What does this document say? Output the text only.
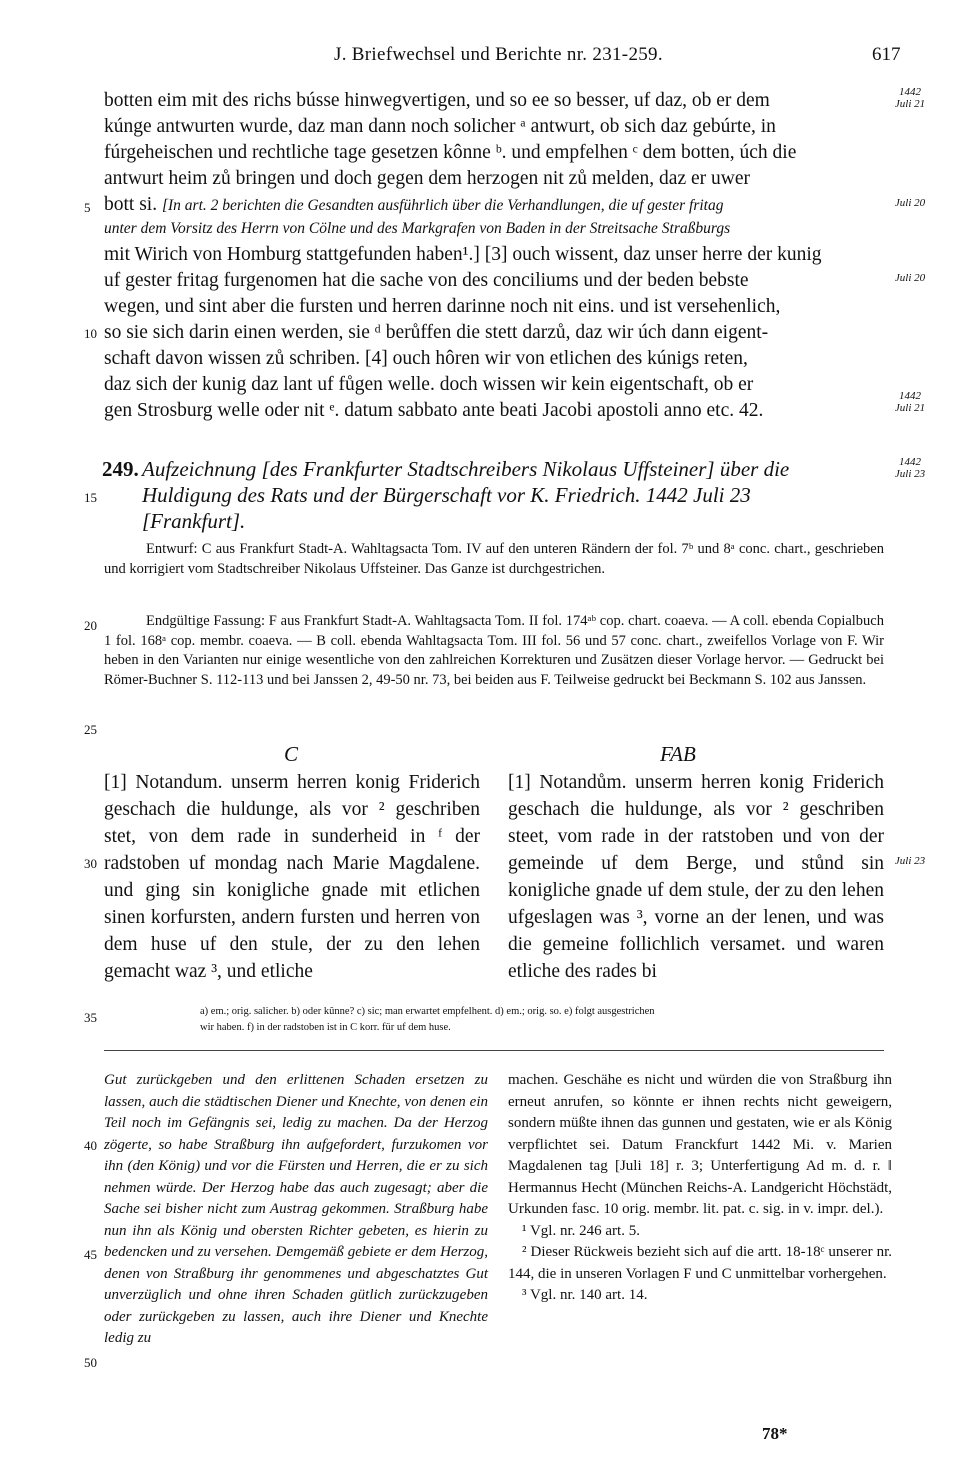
J. Briefwechsel und Berichte nr. 231-259.	617
botten eim mit des richs bússe hinwegvertigen, und so ee so besser, uf daz, ob er dem
kúnge antwurten wurde, daz man dann noch solicher ᵃ antwurt, ob sich daz gebúrte, in
fúrgeheischen und rechtliche tage gesetzen kônne ᵇ. und empfelhen ᶜ dem botten, úch die
antwurt heim zů bringen und doch gegen dem herzogen nit zů melden, daz er uwer
bott si. [In art. 2 berichten die Gesandten ausführlich über die Verhandlungen, die uf gester fritag
unter dem Vorsitz des Herrn von Cölne und des Markgrafen von Baden in der Streitsache Straßburgs
mit Wirich von Homburg stattgefunden haben¹.] [3] ouch wissent, daz unser herre der kunig
uf gester fritag furgenomen hat die sache von des conciliums und der beden bebste
wegen, und sint aber die fursten und herren darinne noch nit eins. und ist versehenlich,
so sie sich darin einen werden, sie ᵈ berůffen die stett darzů, daz wir úch dann eigent-
schaft davon wissen zů schriben. [4] ouch hôren wir von etlichen des kúnigs reten,
daz sich der kunig daz lant uf fůgen welle. doch wissen wir kein eigentschaft, ob er
gen Strosburg welle oder nit ᵉ. datum sabbato ante beati Jacobi apostoli anno etc. 42.
1442
Juli 21
Juli 20
Juli 20
1442
Juli 21
1442
Juli 23
Juli 23
5
10
15
20
25
30
35
40
45
50
249. Aufzeichnung [des Frankfurter Stadtschreibers Nikolaus Uffsteiner] über die
Huldigung des Rats und der Bürgerschaft vor K. Friedrich. 1442 Juli 23
[Frankfurt].
Entwurf: C aus Frankfurt Stadt-A. Wahltagsacta Tom. IV auf den unteren Rändern der fol. 7ᵇ und 8ᵃ conc. chart., geschrieben und korrigiert vom Stadtschreiber Nikolaus Uffsteiner. Das Ganze ist durchgestrichen.
Endgültige Fassung: F aus Frankfurt Stadt-A. Wahltagsacta Tom. II fol. 174ᵃᵇ cop. chart. coaeva. — A coll. ebenda Copialbuch 1 fol. 168ᵃ cop. membr. coaeva. — B coll. ebenda Wahltagsacta Tom. III fol. 56 und 57 conc. chart., zweifellos Vorlage von F. Wir heben in den Varianten nur einige wesentliche von den zahlreichen Korrekturen und Zusätzen dieser Vorlage hervor. — Gedruckt bei Römer-Buchner S. 112-113 und bei Janssen 2, 49-50 nr. 73, bei beiden aus F. Teilweise gedruckt bei Beckmann S. 102 aus Janssen.
C	FAB
[1] Notandum. unserm herren konig Friderich geschach die huldunge, als vor ² geschriben stet, von dem rade in sunderheid in ᶠ der radstoben uf mondag nach Marie Magdalene. und ging sin konigliche gnade mit etlichen sinen korfursten, andern fursten und herren von dem huse uf den stule, der zu den lehen gemacht waz ³, und etliche
[1] Notandům. unserm herren konig Friderich geschach die huldunge, als vor ² geschriben steet, vom rade in der ratstoben und von der gemeinde uf dem Berge, und stůnd sin konigliche gnade uf dem stule, der zu den lehen ufgeslagen was ³, vorne an der lenen, und was die gemeine follichlich versamet. und waren etliche des rades bi
a) em.; orig. salicher. b) oder kûnne? c) sic; man erwartet empfelhent. d) em.; orig. so. e) folgt ausgestrichen
wir haben. f) in der radstoben ist in C korr. für uf dem huse.
Gut zurückgeben und den erlittenen Schaden ersetzen zu lassen, auch die städtischen Diener und Knechte, von denen ein Teil noch im Gefängnis sei, ledig zu machen. Da der Herzog zögerte, so habe Straßburg ihn aufgefordert, furzukomen vor ihn (den König) und vor die Fürsten und Herren, die er zu sich nehmen würde. Der Herzog habe das auch zugesagt; aber die Sache sei bisher nicht zum Austrag gekommen. Straßburg habe nun ihn als König und obersten Richter gebeten, es hierin zu bedencken und zu versehen. Demgemäß gebiete er dem Herzog, denen von Straßburg ihr genommenes und abgeschatztes Gut unverzüglich und ohne ihren Schaden gütlich zurückzugeben oder zurückgeben zu lassen, auch ihre Diener und Knechte ledig zu
machen. Geschähe es nicht und würden die von Straßburg ihn erneut anrufen, so könnte er ihnen rechts nicht geweigern, sondern müßte ihnen das gunnen und gestaten, wie er als König verpflichtet sei. Datum Franckfurt 1442 Mi. v. Marien Magdalenen tag [Juli 18] r. 3; Unterfertigung Ad m. d. r. ‖ Hermannus Hecht (München Reichs-A. Landgericht Höchstädt, Urkunden fasc. 10 orig. membr. lit. pat. c. sig. in v. impr. del.).
¹ Vgl. nr. 246 art. 5.
² Dieser Rückweis bezieht sich auf die artt. 18-18ᶜ unserer nr. 144, die in unseren Vorlagen F und C unmittelbar vorhergehen.
³ Vgl. nr. 140 art. 14.
78*
